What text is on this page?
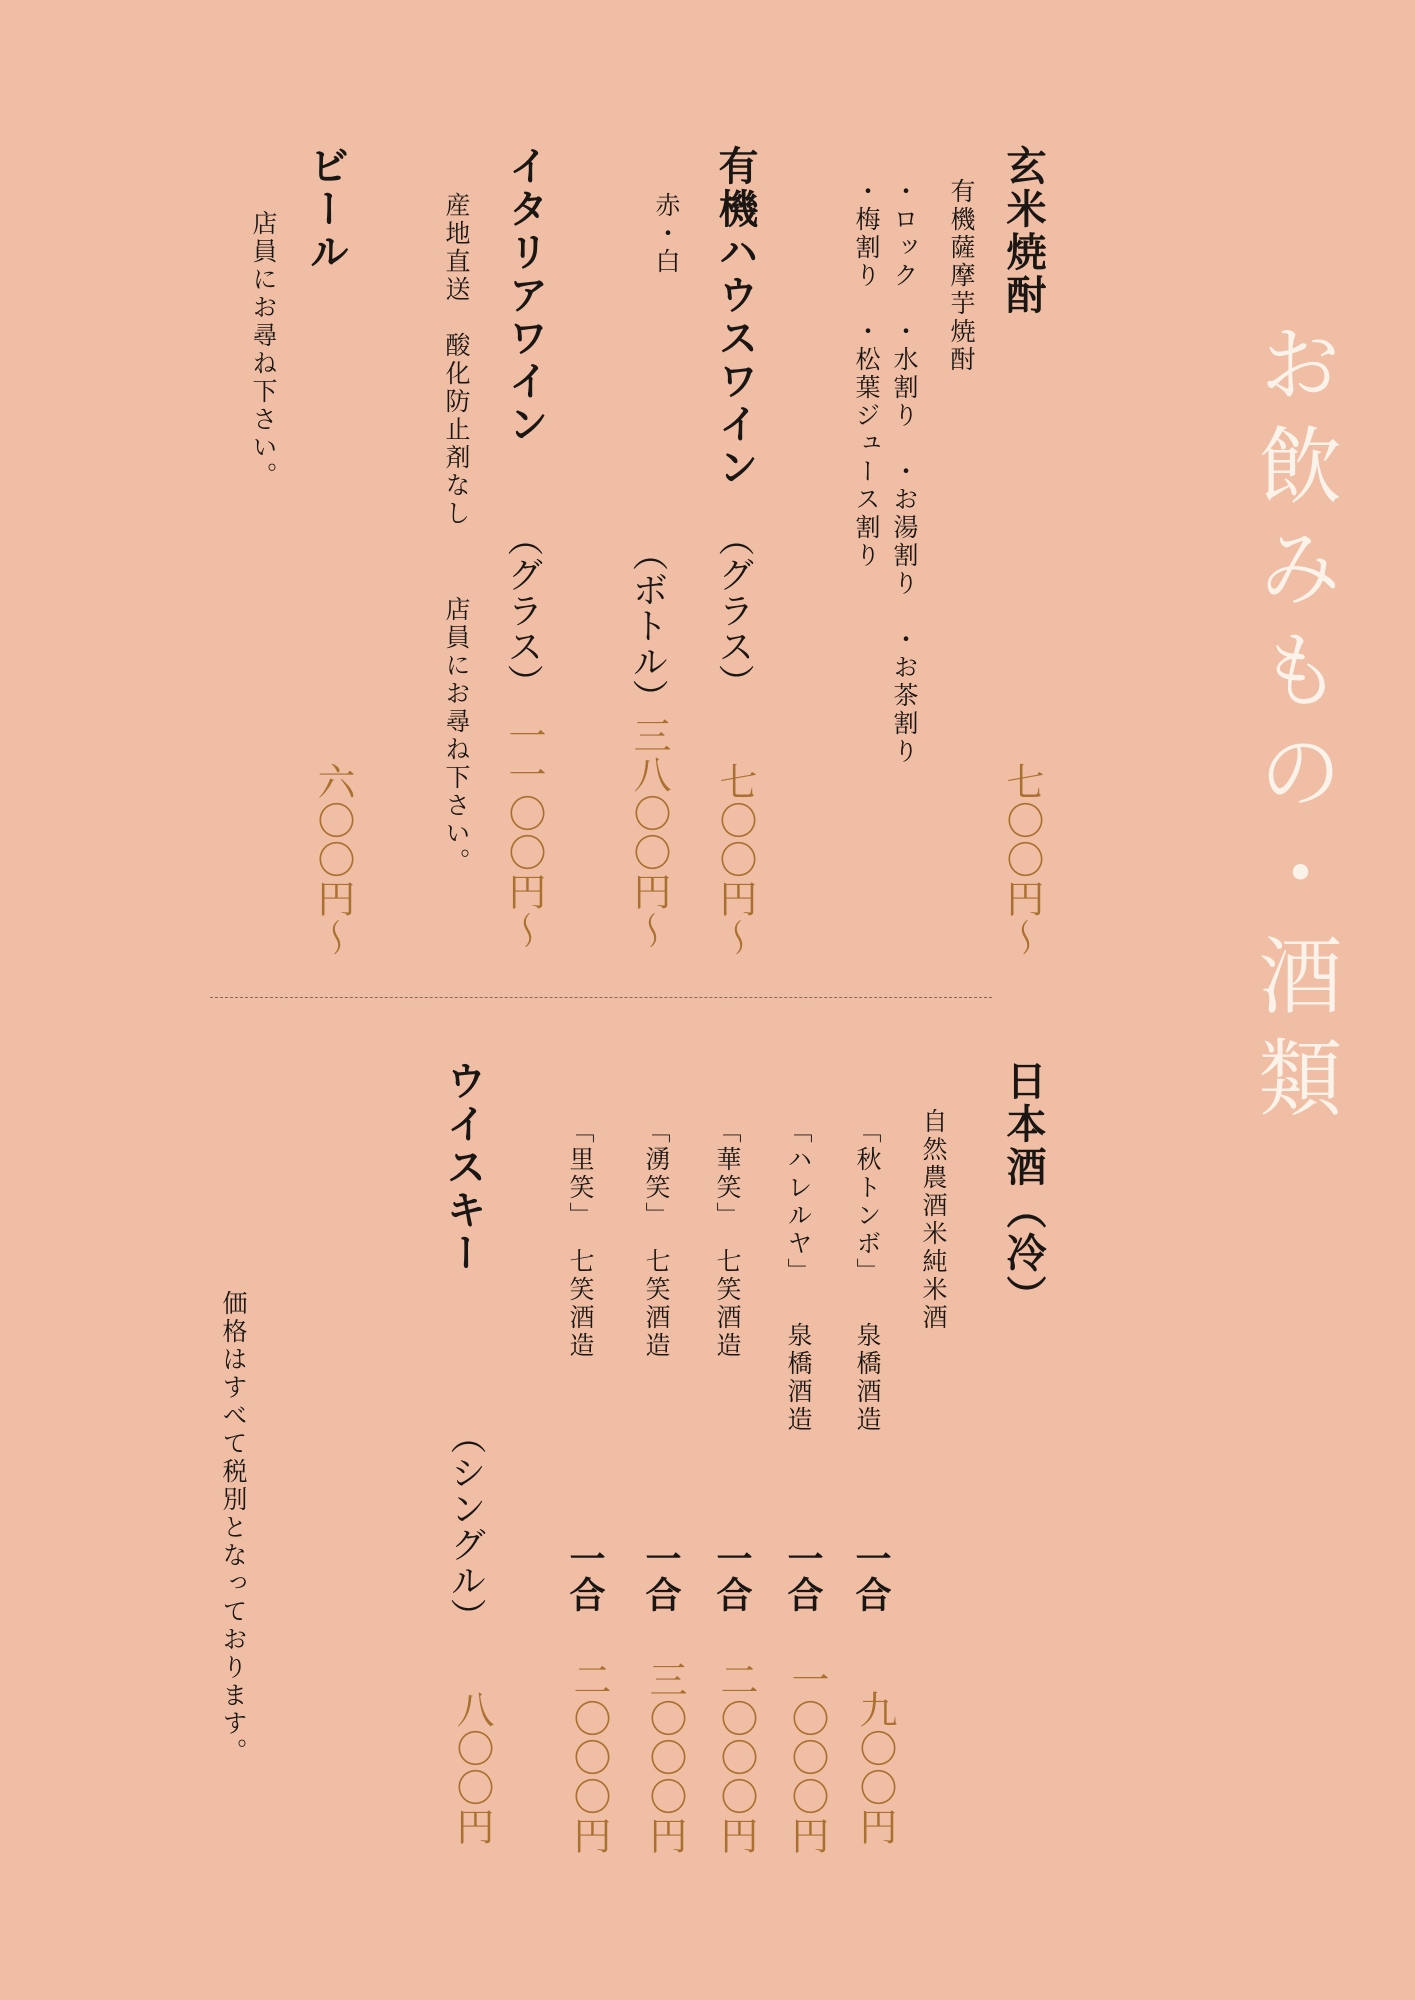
お飲みもの・酒類
玄米焼酎

有機薩摩芋焼酎

・ロック　・水割り　・お湯割り　・お茶割り

・梅割り　・松葉ジュース割り

七〇〇円～

有機ハウスワイン

（グラス）

七〇〇円～

赤・白

（ボトル）

三八〇〇円～

イタリアワイン

（グラス）

一一〇〇円～

産地直送　酸化防止剤なし

店員にお尋ね下さい。

ビール

店員にお尋ね下さい。

六〇〇円～

日本酒（冷）

自然農酒米純米酒

「秋トンボ」

泉橋酒造

一合

九〇〇円

「ハレルヤ」

泉橋酒造

一合

一〇〇〇円

「華笑」

七笑酒造

一合

二〇〇〇円

「湧笑」

七笑酒造

一合

三〇〇〇円

「里笑」

七笑酒造

一合

二〇〇〇円

ウイスキー

（シングル）

八〇〇円

価格はすべて税別となっております。
